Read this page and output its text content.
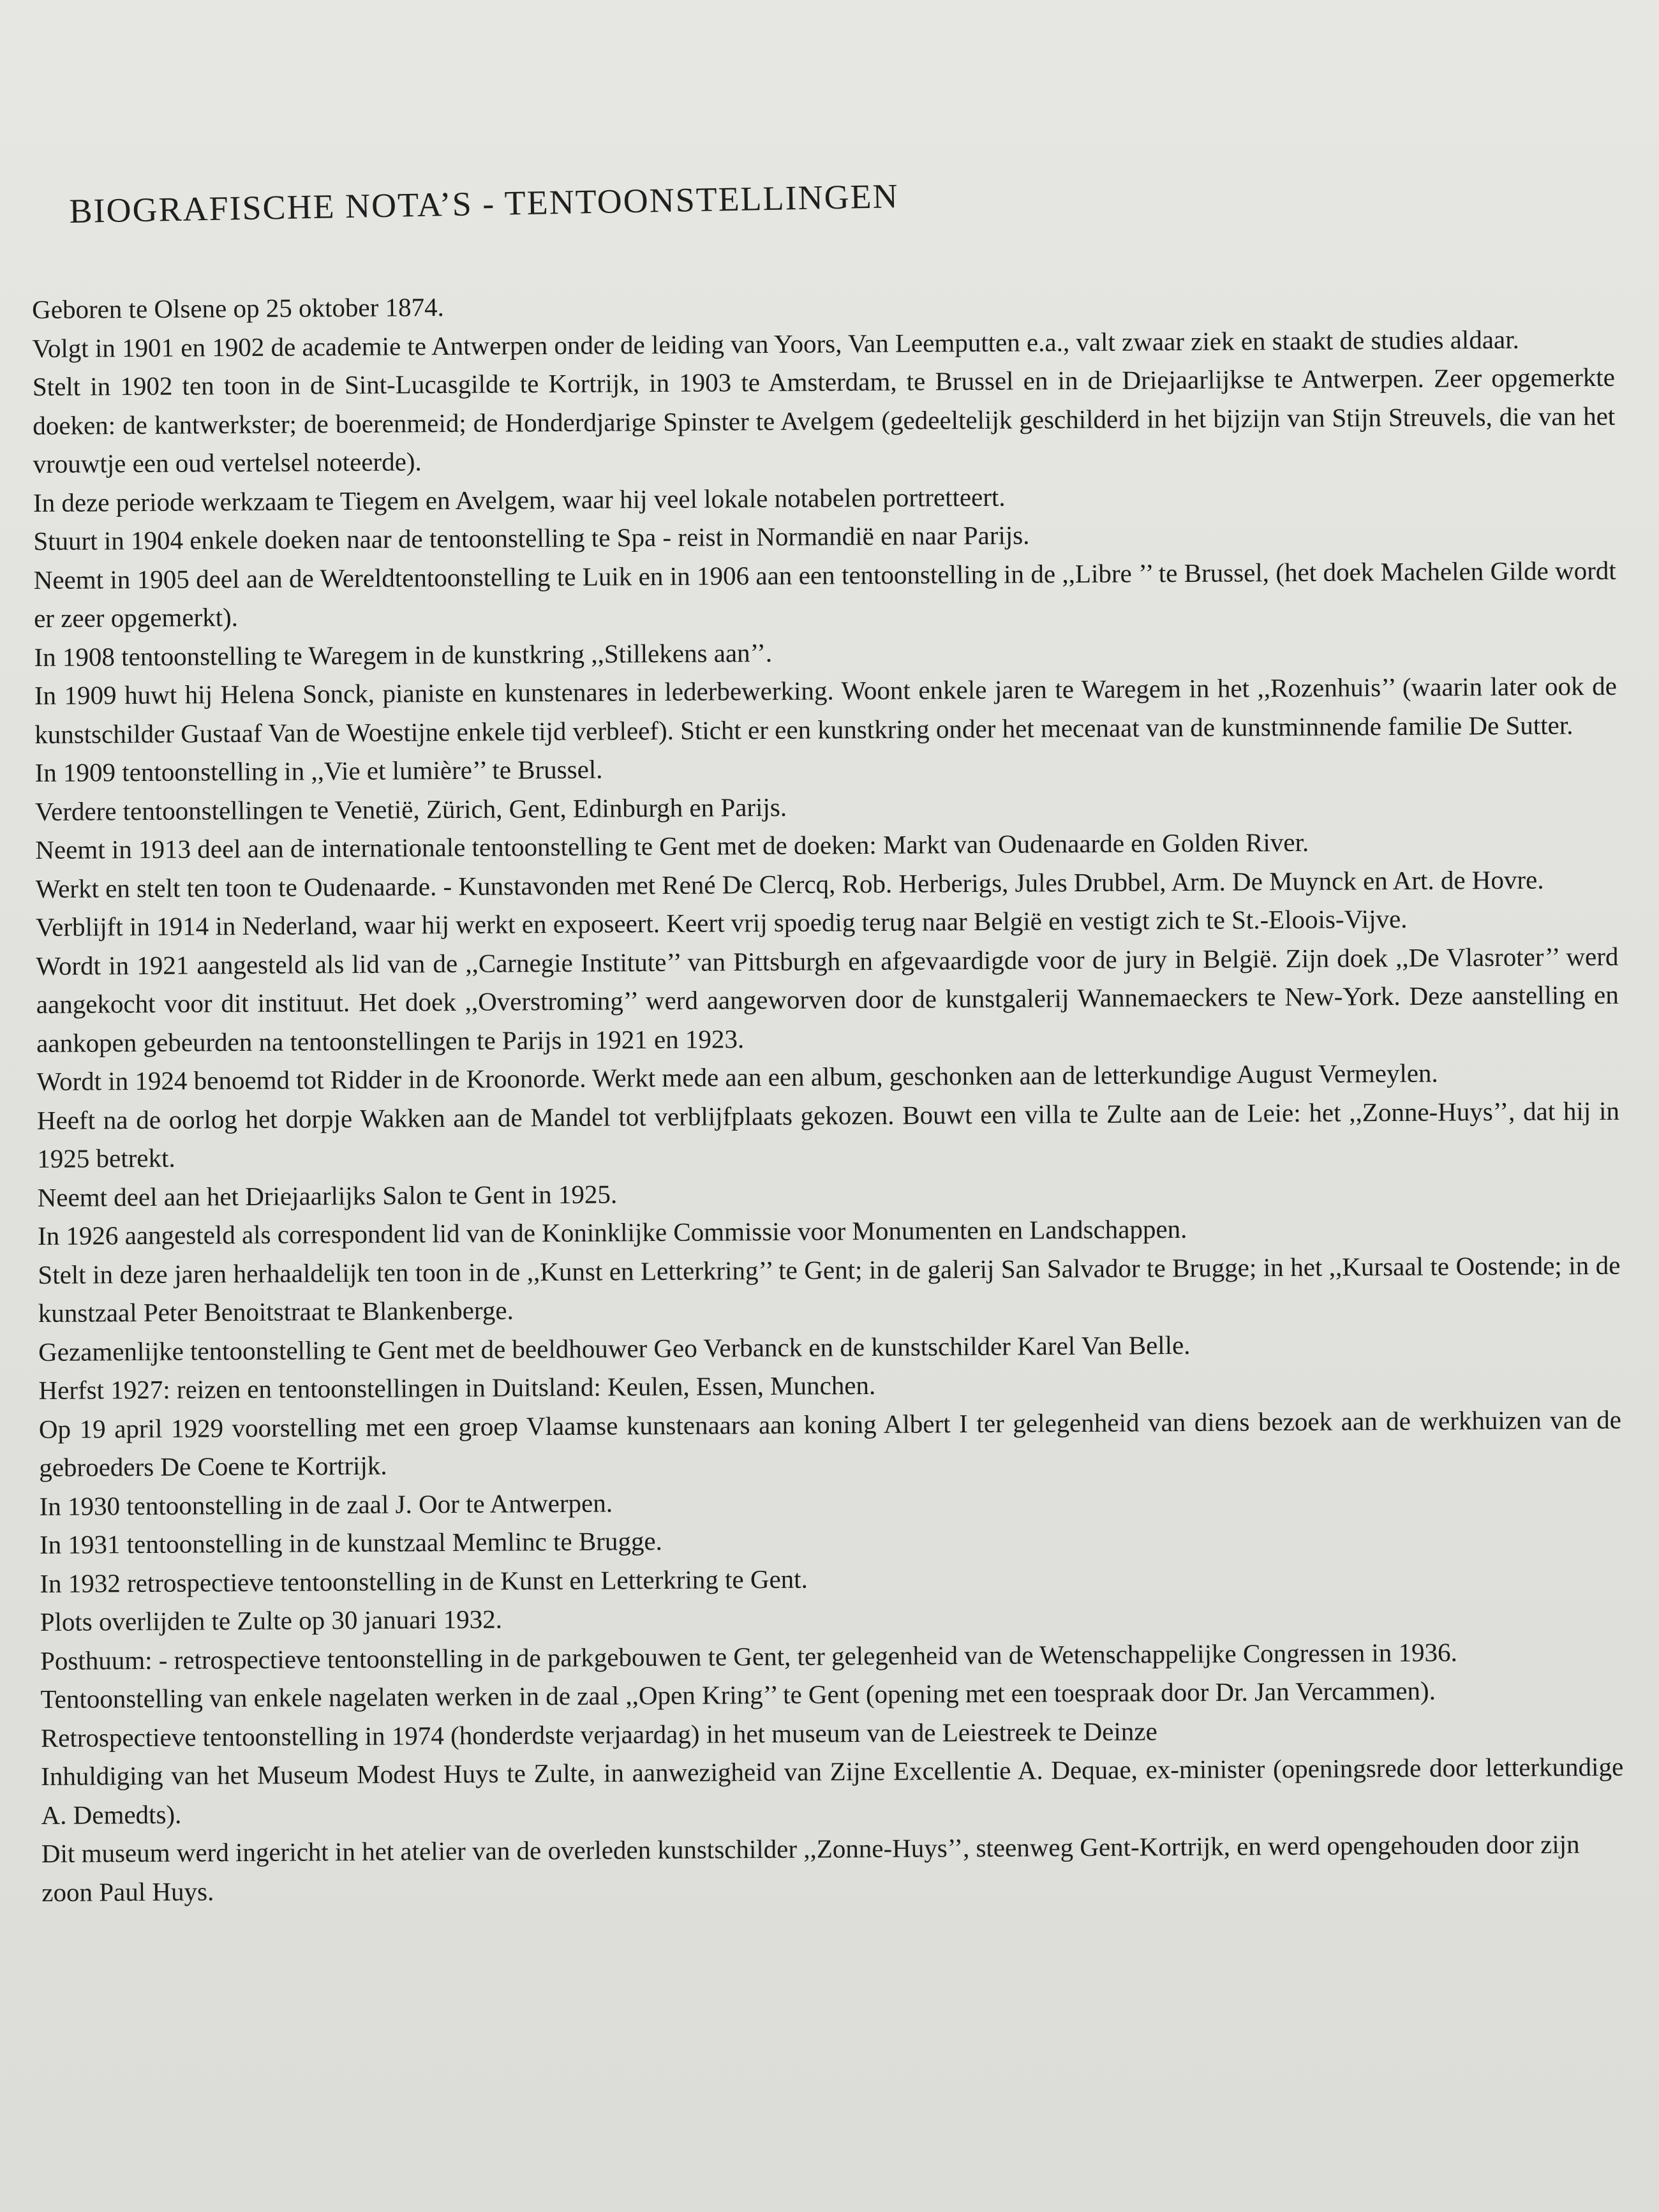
BIOGRAFISCHE NOTA’S - TENTOONSTELLINGEN

Geboren te Olsene op 25 oktober 1874.

Volgt in 1901 en 1902 de academie te Antwerpen onder de leiding van Yoors, Van Leemputten e.a., valt zwaar ziek en staakt de studies aldaar.

Stelt in 1902 ten toon in de Sint-Lucasgilde te Kortrijk, in 1903 te Amsterdam, te Brussel en in de Driejaarlijkse te Antwerpen. Zeer opgemerkte doeken: de kantwerkster; de boerenmeid; de Honderdjarige Spinster te Avelgem (gedeeltelijk geschilderd in het bijzijn van Stijn Streuvels, die van het vrouwtje een oud vertelsel noteerde).

In deze periode werkzaam te Tiegem en Avelgem, waar hij veel lokale notabelen portretteert.

Stuurt in 1904 enkele doeken naar de tentoonstelling te Spa - reist in Normandië en naar Parijs.

Neemt in 1905 deel aan de Wereldtentoonstelling te Luik en in 1906 aan een tentoonstelling in de ,,Libre ’’ te Brussel, (het doek Machelen Gilde wordt er zeer opgemerkt).

In 1908 tentoonstelling te Waregem in de kunstkring ,,Stillekens aan’’.

In 1909 huwt hij Helena Sonck, pianiste en kunstenares in lederbewerking. Woont enkele jaren te Waregem in het ,,Rozenhuis’’ (waarin later ook de kunstschilder Gustaaf Van de Woestijne enkele tijd verbleef). Sticht er een kunstkring onder het mecenaat van de kunstminnende familie De Sutter.

In 1909 tentoonstelling in ,,Vie et lumière’’ te Brussel.

Verdere tentoonstellingen te Venetië, Zürich, Gent, Edinburgh en Parijs.

Neemt in 1913 deel aan de internationale tentoonstelling te Gent met de doeken: Markt van Oudenaarde en Golden River.

Werkt en stelt ten toon te Oudenaarde. - Kunstavonden met René De Clercq, Rob. Herberigs, Jules Drubbel, Arm. De Muynck en Art. de Hovre.

Verblijft in 1914 in Nederland, waar hij werkt en exposeert. Keert vrij spoedig terug naar België en vestigt zich te St.-Eloois-Vijve.

Wordt in 1921 aangesteld als lid van de ,,Carnegie Institute’’ van Pittsburgh en afgevaardigde voor de jury in België. Zijn doek ,,De Vlasroter’’ werd aangekocht voor dit instituut. Het doek ,,Overstroming’’ werd aangeworven door de kunstgalerij Wannemaeckers te New-York. Deze aanstelling en aankopen gebeurden na tentoonstellingen te Parijs in 1921 en 1923.

Wordt in 1924 benoemd tot Ridder in de Kroonorde. Werkt mede aan een album, geschonken aan de letterkundige August Vermeylen.

Heeft na de oorlog het dorpje Wakken aan de Mandel tot verblijfplaats gekozen. Bouwt een villa te Zulte aan de Leie: het ,,Zonne-Huys’’, dat hij in 1925 betrekt.

Neemt deel aan het Driejaarlijks Salon te Gent in 1925.

In 1926 aangesteld als correspondent lid van de Koninklijke Commissie voor Monumenten en Landschappen.

Stelt in deze jaren herhaaldelijk ten toon in de ,,Kunst en Letterkring’’ te Gent; in de galerij San Salvador te Brugge; in het ,,Kursaal te Oostende; in de kunstzaal Peter Benoitstraat te Blankenberge.

Gezamenlijke tentoonstelling te Gent met de beeldhouwer Geo Verbanck en de kunstschilder Karel Van Belle.

Herfst 1927: reizen en tentoonstellingen in Duitsland: Keulen, Essen, Munchen.

Op 19 april 1929 voorstelling met een groep Vlaamse kunstenaars aan koning Albert I ter gelegenheid van diens bezoek aan de werkhuizen van de gebroeders De Coene te Kortrijk.

In 1930 tentoonstelling in de zaal J. Oor te Antwerpen.

In 1931 tentoonstelling in de kunstzaal Memlinc te Brugge.

In 1932 retrospectieve tentoonstelling in de Kunst en Letterkring te Gent.

Plots overlijden te Zulte op 30 januari 1932.

Posthuum: - retrospectieve tentoonstelling in de parkgebouwen te Gent, ter gelegenheid van de Wetenschappelijke Congressen in 1936.

Tentoonstelling van enkele nagelaten werken in de zaal ,,Open Kring’’ te Gent (opening met een toespraak door Dr. Jan Vercammen).

Retrospectieve tentoonstelling in 1974 (honderdste verjaardag) in het museum van de Leiestreek te Deinze

Inhuldiging van het Museum Modest Huys te Zulte, in aanwezigheid van Zijne Excellentie A. Dequae, ex-minister (openingsrede door letterkundige A. Demedts).

Dit museum werd ingericht in het atelier van de overleden kunstschilder ,,Zonne-Huys’’, steenweg Gent-Kortrijk, en werd opengehouden door zijn zoon Paul Huys.
